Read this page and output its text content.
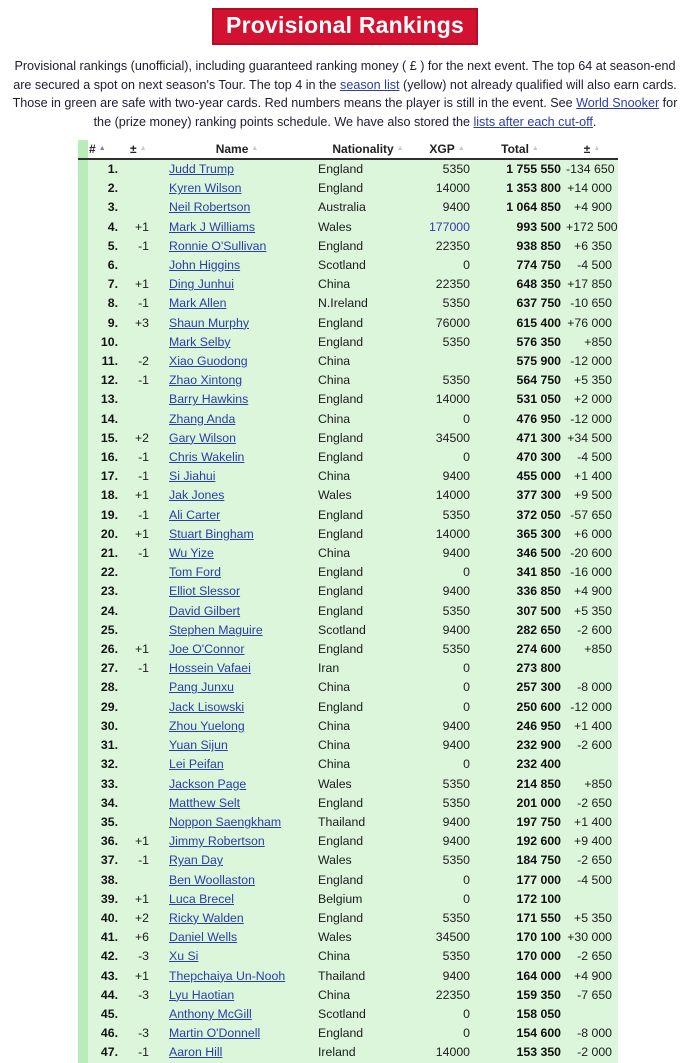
Provisional Rankings

Provisional rankings (unofficial), including guaranteed ranking money ( £ ) for the next event. The top 64 at season-end are secured a spot on next season's Tour. The top 4 in the season list (yellow) not already qualified will also earn cards. Those in green are safe with two-year cards. Red numbers means the player is still in the event. See World Snooker for the (prize money) ranking points schedule. We have also stored the lists after each cut-off.

	# ▲	± ▲	Name ▲	Nationality ▲	XGP ▲	Total ▲	± ▲
	1.		Judd Trump	England	5350	1 755 550	-134 650
	2.		Kyren Wilson	England	14000	1 353 800	+14 000
	3.		Neil Robertson	Australia	9400	1 064 850	+4 900
	4.	+1	Mark J Williams	Wales	177000	993 500	+172 500
	5.	-1	Ronnie O'Sullivan	England	22350	938 850	+6 350
	6.		John Higgins	Scotland	0	774 750	-4 500
	7.	+1	Ding Junhui	China	22350	648 350	+17 850
	8.	-1	Mark Allen	N.Ireland	5350	637 750	-10 650
	9.	+3	Shaun Murphy	England	76000	615 400	+76 000
	10.		Mark Selby	England	5350	576 350	+850
	11.	-2	Xiao Guodong	China		575 900	-12 000
	12.	-1	Zhao Xintong	China	5350	564 750	+5 350
	13.		Barry Hawkins	England	14000	531 050	+2 000
	14.		Zhang Anda	China	0	476 950	-12 000
	15.	+2	Gary Wilson	England	34500	471 300	+34 500
	16.	-1	Chris Wakelin	England	0	470 300	-4 500
	17.	-1	Si Jiahui	China	9400	455 000	+1 400
	18.	+1	Jak Jones	Wales	14000	377 300	+9 500
	19.	-1	Ali Carter	England	5350	372 050	-57 650
	20.	+1	Stuart Bingham	England	14000	365 300	+6 000
	21.	-1	Wu Yize	China	9400	346 500	-20 600
	22.		Tom Ford	England	0	341 850	-16 000
	23.		Elliot Slessor	England	9400	336 850	+4 900
	24.		David Gilbert	England	5350	307 500	+5 350
	25.		Stephen Maguire	Scotland	9400	282 650	-2 600
	26.	+1	Joe O'Connor	England	5350	274 600	+850
	27.	-1	Hossein Vafaei	Iran	0	273 800	
	28.		Pang Junxu	China	0	257 300	-8 000
	29.		Jack Lisowski	England	0	250 600	-12 000
	30.		Zhou Yuelong	China	9400	246 950	+1 400
	31.		Yuan Sijun	China	9400	232 900	-2 600
	32.		Lei Peifan	China	0	232 400	
	33.		Jackson Page	Wales	5350	214 850	+850
	34.		Matthew Selt	England	5350	201 000	-2 650
	35.		Noppon Saengkham	Thailand	9400	197 750	+1 400
	36.	+1	Jimmy Robertson	England	9400	192 600	+9 400
	37.	-1	Ryan Day	Wales	5350	184 750	-2 650
	38.		Ben Woollaston	England	0	177 000	-4 500
	39.	+1	Luca Brecel	Belgium	0	172 100	
	40.	+2	Ricky Walden	England	5350	171 550	+5 350
	41.	+6	Daniel Wells	Wales	34500	170 100	+30 000
	42.	-3	Xu Si	China	5350	170 000	-2 650
	43.	+1	Thepchaiya Un-Nooh	Thailand	9400	164 000	+4 900
	44.	-3	Lyu Haotian	China	22350	159 350	-7 650
	45.		Anthony McGill	Scotland	0	158 050	
	46.	-3	Martin O'Donnell	England	0	154 600	-8 000
	47.	-1	Aaron Hill	Ireland	14000	153 350	-2 000
